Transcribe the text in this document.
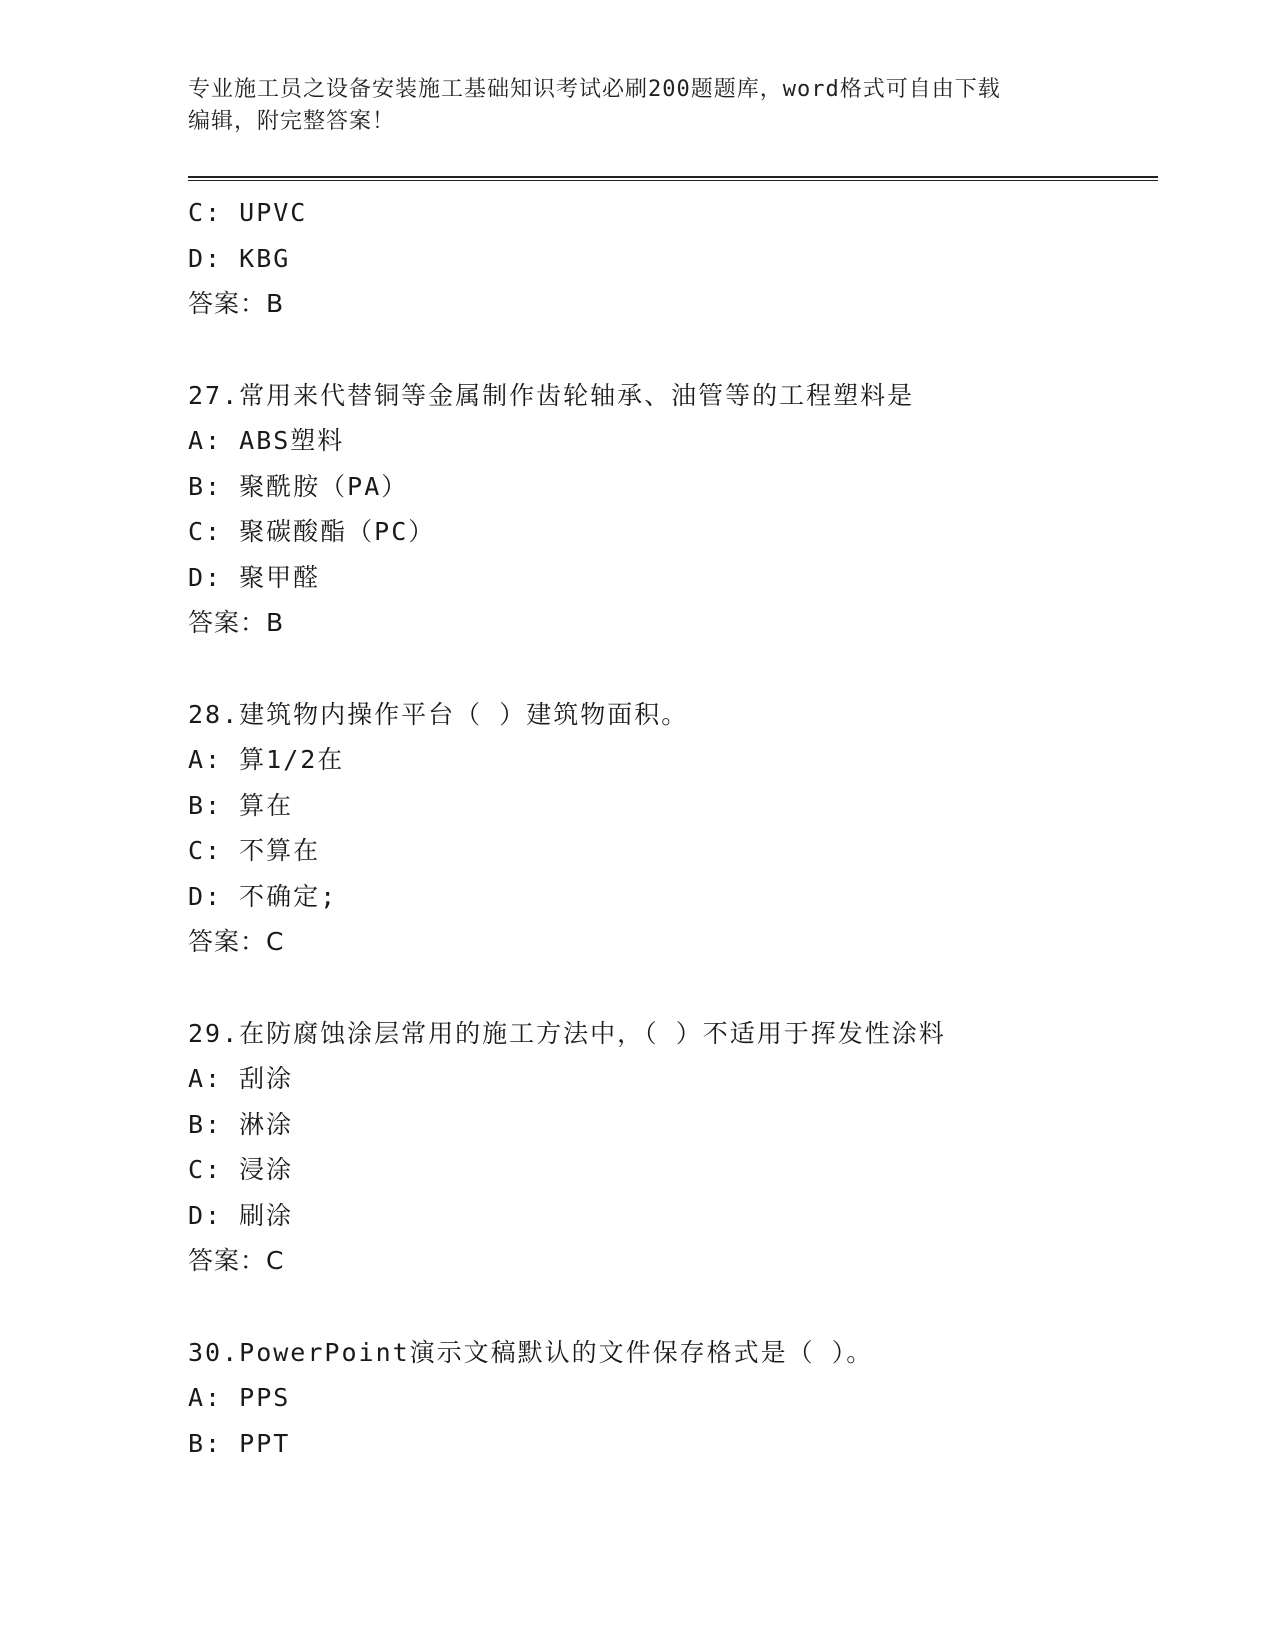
专业施工员之设备安装施工基础知识考试必刷200题题库，word格式可自由下载
编辑，附完整答案！
C: UPVC
D: KBG
答案：B
27.常用来代替铜等金属制作齿轮轴承、油管等的工程塑料是
A: ABS塑料
B: 聚酰胺（PA）
C: 聚碳酸酯（PC）
D: 聚甲醛
答案：B
28.建筑物内操作平台（ ）建筑物面积。
A: 算1/2在
B: 算在
C: 不算在
D: 不确定;
答案：C
29.在防腐蚀涂层常用的施工方法中，（ ）不适用于挥发性涂料
A: 刮涂
B: 淋涂
C: 浸涂
D: 刷涂
答案：C
30.PowerPoint演示文稿默认的文件保存格式是（ ）。
A: PPS
B: PPT
